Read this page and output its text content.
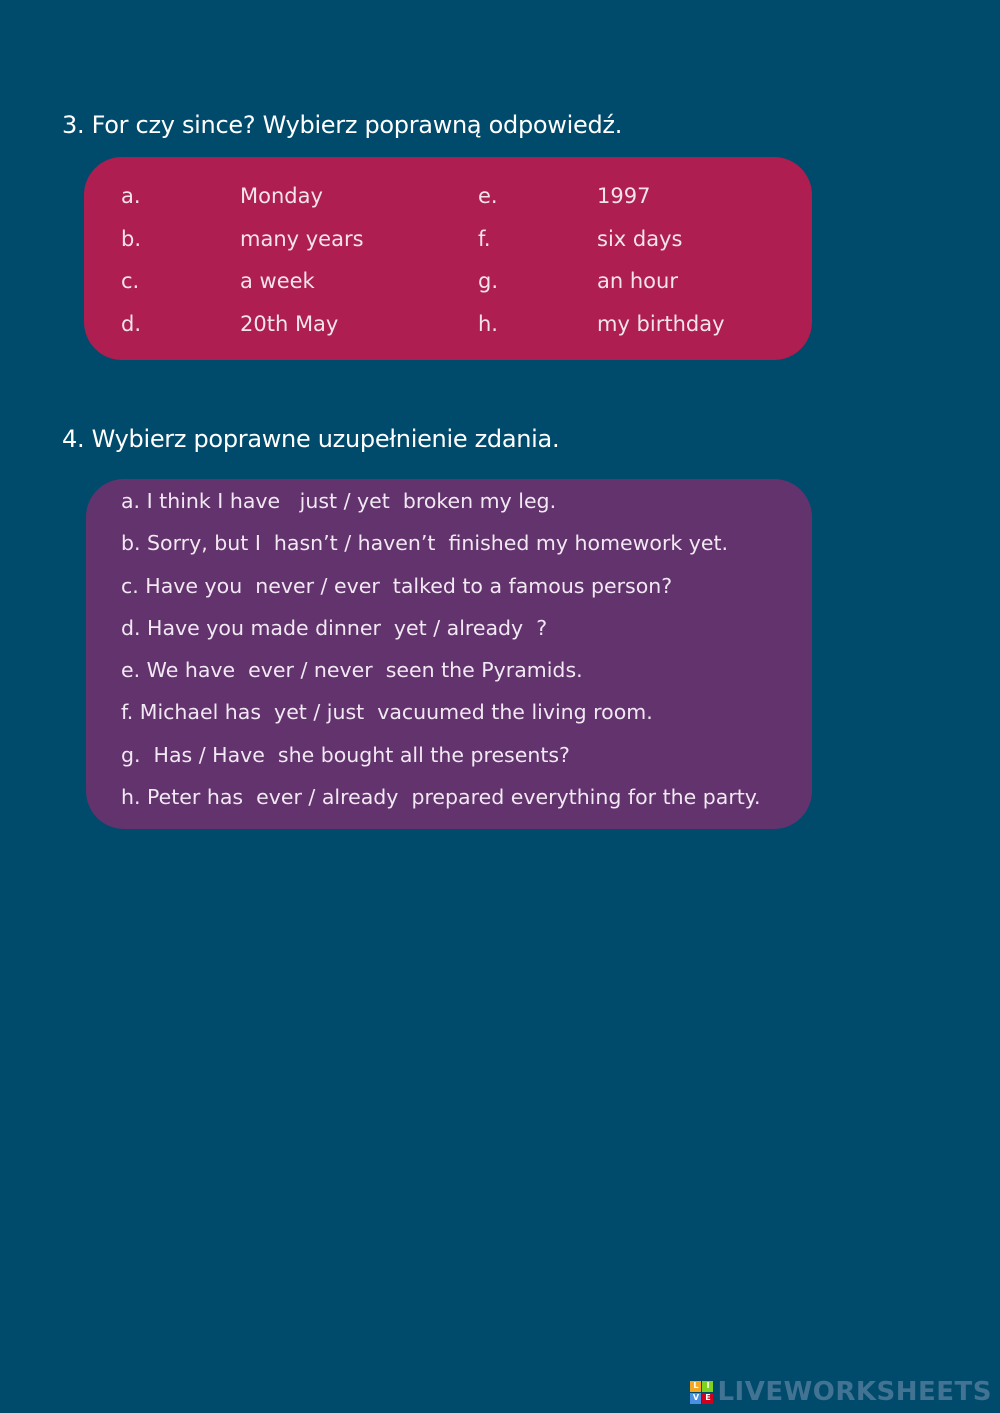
3. For czy since? Wybierz poprawną odpowiedź.
a.	Monday	e.	1997
b.	many years	f.	six days
c.	a week	g.	an hour
d.	20th May	h.	my birthday
4. Wybierz poprawne uzupełnienie zdania.
a. I think I have   just / yet  broken my leg.
b. Sorry, but I  hasn’t / haven’t  finished my homework yet.
c. Have you  never / ever  talked to a famous person?
d. Have you made dinner  yet / already  ?
e. We have  ever / never  seen the Pyramids.
f. Michael has  yet / just  vacuumed the living room.
g.  Has / Have  she bought all the presents?
h. Peter has  ever / already  prepared everything for the party.
L I
V E LIVEWORKSHEETS
